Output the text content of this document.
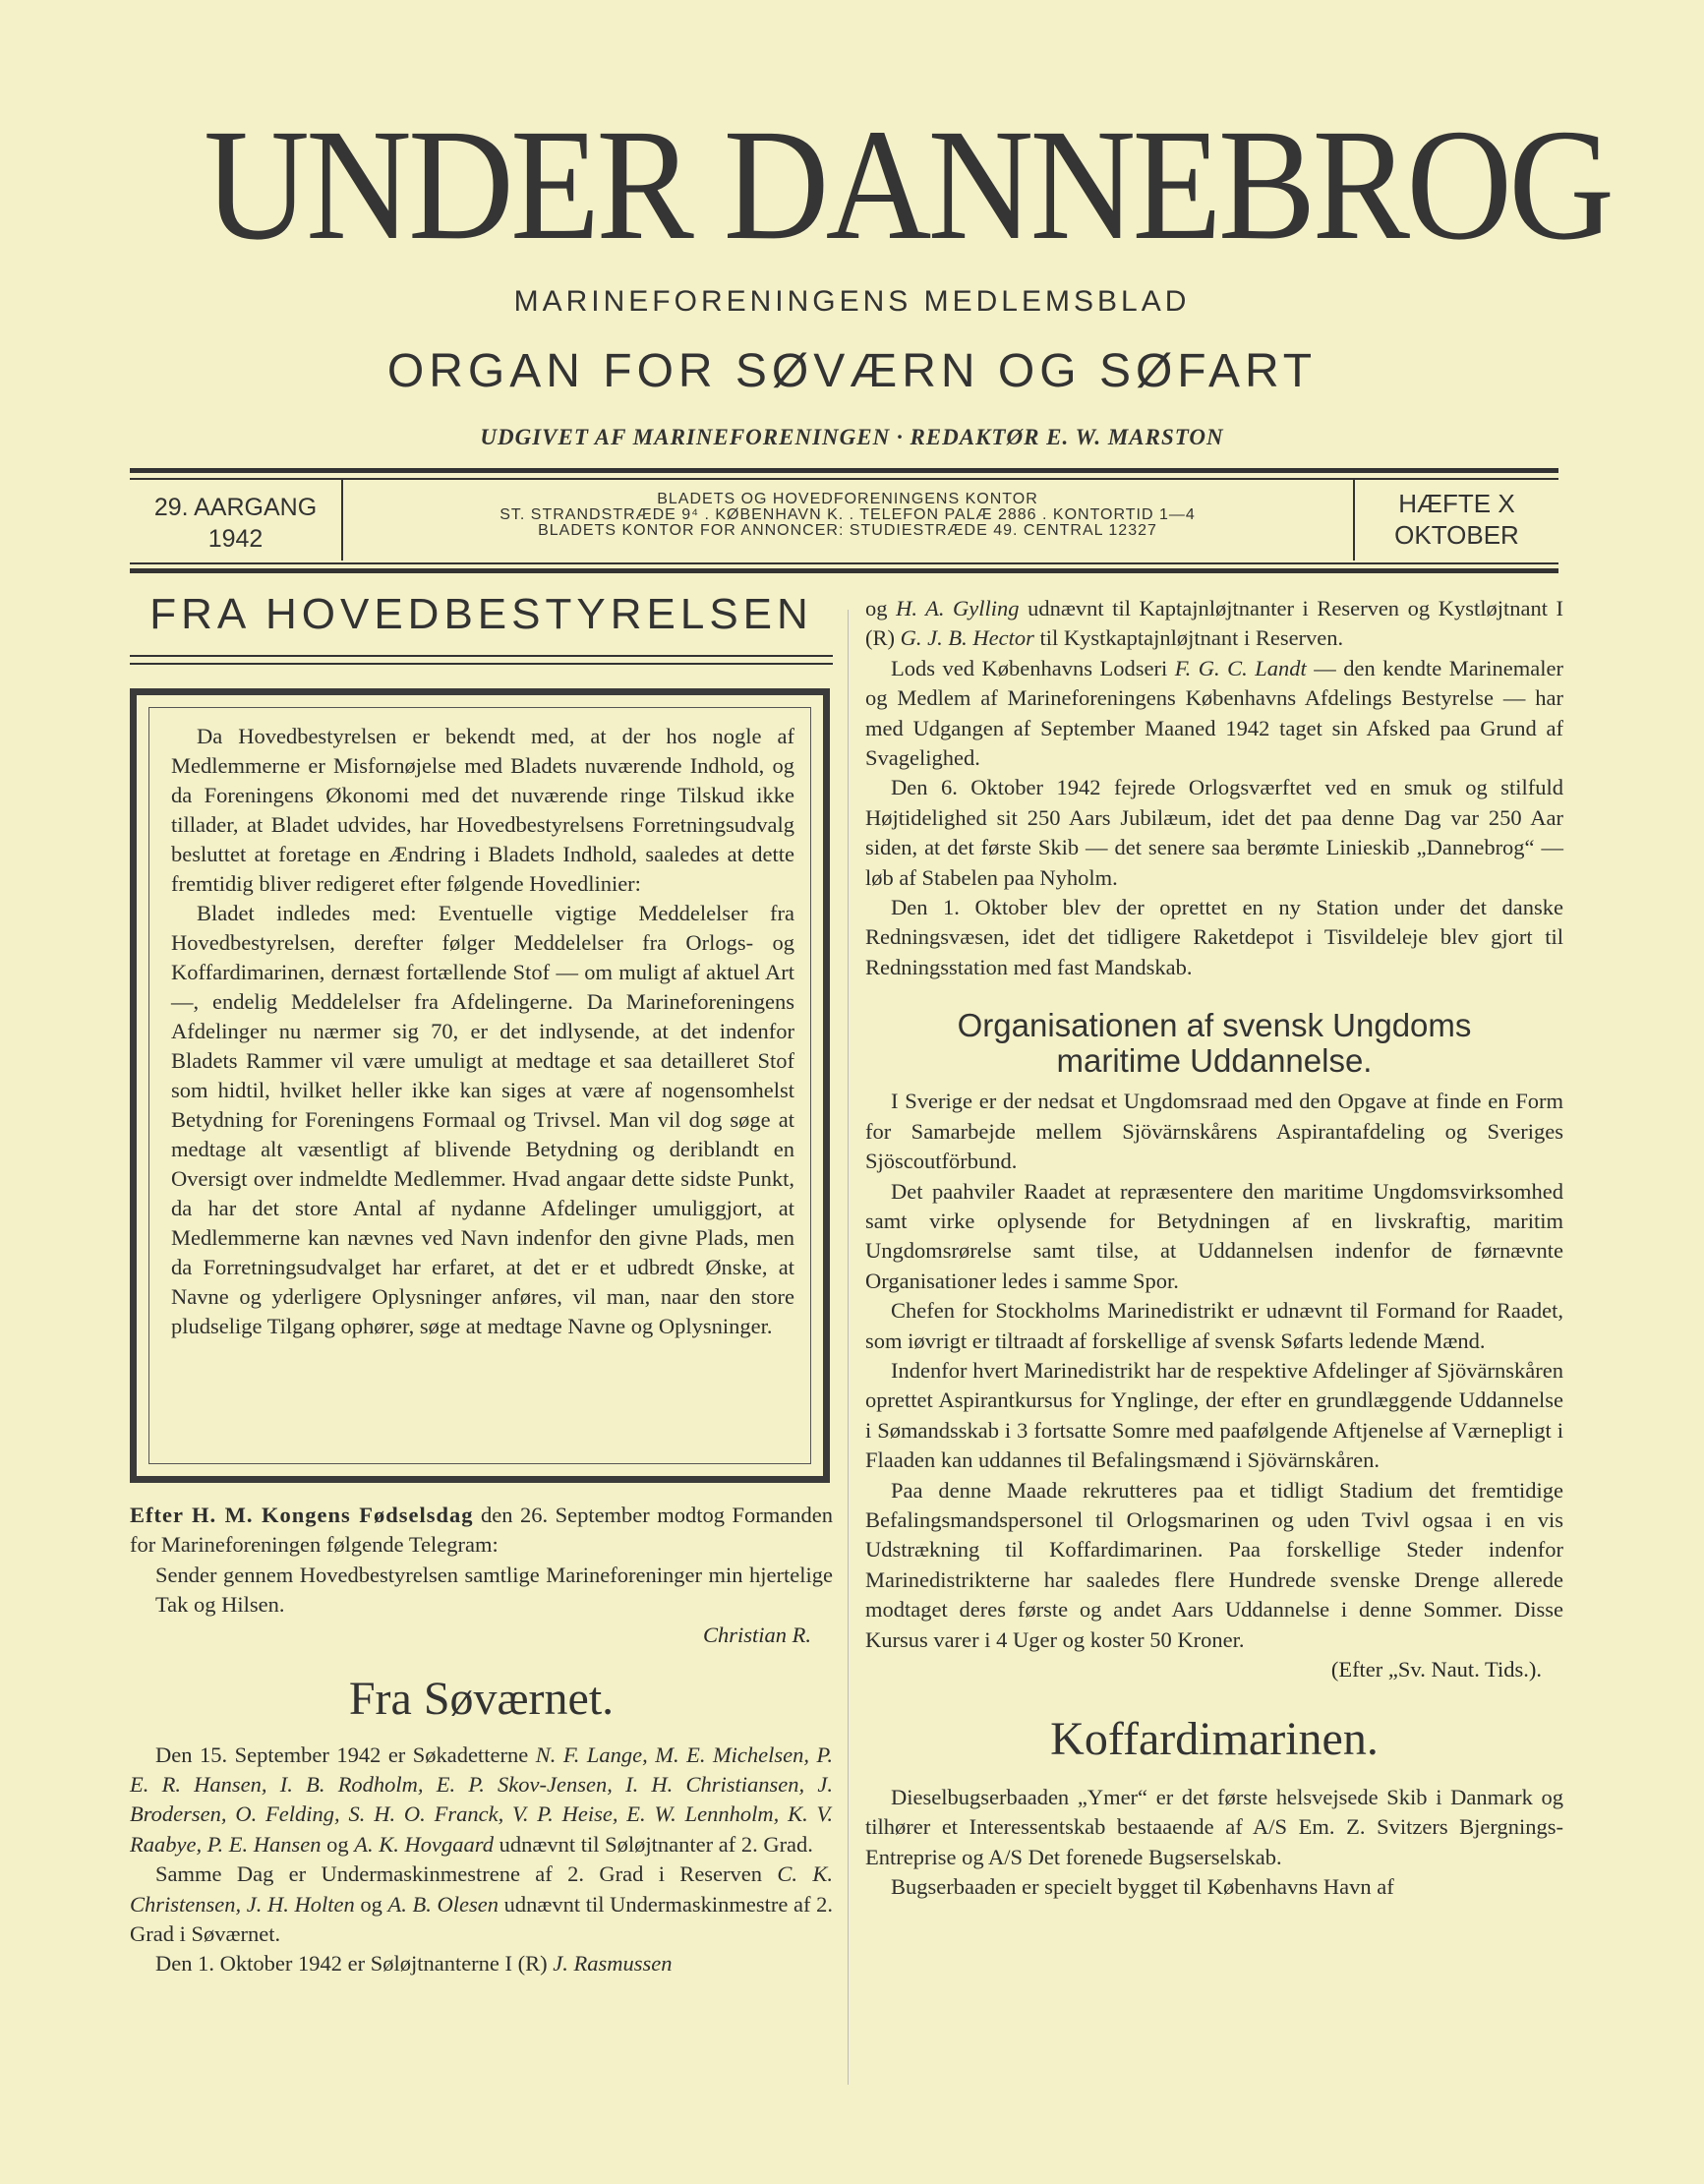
UNDER DANNEBROG
MARINEFORENINGENS MEDLEMSBLAD
ORGAN FOR SØVÆRN OG SØFART
UDGIVET AF MARINEFORENINGEN · REDAKTØR E. W. MARSTON
29. AARGANG
1942
BLADETS OG HOVEDFORENINGENS KONTOR
ST. STRANDSTRÆDE 9⁴ . KØBENHAVN K. . TELEFON PALÆ 2886 . KONTORTID 1—4
BLADETS KONTOR FOR ANNONCER: STUDIESTRÆDE 49. CENTRAL 12327
HÆFTE X
OKTOBER
FRA HOVEDBESTYRELSEN

Da Hovedbestyrelsen er bekendt med, at der hos nogle af Medlemmerne er Misfornøjelse med Bladets nuværende Indhold, og da Foreningens Økonomi med det nuværende ringe Tilskud ikke tillader, at Bladet udvides, har Hovedbestyrelsens Forretningsudvalg besluttet at foretage en Ændring i Bladets Indhold, saaledes at dette fremtidig bliver redigeret efter følgende Hovedlinier:

Bladet indledes med: Eventuelle vigtige Meddelelser fra Hovedbestyrelsen, derefter følger Meddelelser fra Orlogs- og Koffardimarinen, dernæst fortællende Stof — om muligt af aktuel Art —, endelig Meddelelser fra Afdelingerne. Da Marineforeningens Afdelinger nu nærmer sig 70, er det indlysende, at det indenfor Bladets Rammer vil være umuligt at medtage et saa detailleret Stof som hidtil, hvilket heller ikke kan siges at være af nogensomhelst Betydning for Foreningens Formaal og Trivsel. Man vil dog søge at medtage alt væsentligt af blivende Betydning og deriblandt en Oversigt over indmeldte Medlemmer. Hvad angaar dette sidste Punkt, da har det store Antal af nydanne Afdelinger umuliggjort, at Medlemmerne kan nævnes ved Navn indenfor den givne Plads, men da Forretningsudvalget har erfaret, at det er et udbredt Ønske, at Navne og yderligere Oplysninger anføres, vil man, naar den store pludselige Tilgang ophører, søge at medtage Navne og Oplysninger.

Efter H. M. Kongens Fødselsdag den 26. September modtog Formanden for Marineforeningen følgende Telegram:

Sender gennem Hovedbestyrelsen samtlige Marineforeninger min hjertelige Tak og Hilsen.

Christian R.
Fra Søværnet.

Den 15. September 1942 er Søkadetterne N. F. Lange, M. E. Michelsen, P. E. R. Hansen, I. B. Rodholm, E. P. Skov-Jensen, I. H. Christiansen, J. Brodersen, O. Felding, S. H. O. Franck, V. P. Heise, E. W. Lennholm, K. V. Raabye, P. E. Hansen og A. K. Hovgaard udnævnt til Søløjtnanter af 2. Grad.

Samme Dag er Undermaskinmestrene af 2. Grad i Reserven C. K. Christensen, J. H. Holten og A. B. Olesen udnævnt til Undermaskinmestre af 2. Grad i Søværnet.

Den 1. Oktober 1942 er Søløjtnanterne I (R) J. Rasmussen

og H. A. Gylling udnævnt til Kaptajnløjtnanter i Reserven og Kystløjtnant I (R) G. J. B. Hector til Kystkaptajnløjtnant i Reserven.

Lods ved Københavns Lodseri F. G. C. Landt — den kendte Marinemaler og Medlem af Marineforeningens Københavns Afdelings Bestyrelse — har med Udgangen af September Maaned 1942 taget sin Afsked paa Grund af Svagelighed.

Den 6. Oktober 1942 fejrede Orlogsværftet ved en smuk og stilfuld Højtidelighed sit 250 Aars Jubilæum, idet det paa denne Dag var 250 Aar siden, at det første Skib — det senere saa berømte Linieskib „Dannebrog“ — løb af Stabelen paa Nyholm.

Den 1. Oktober blev der oprettet en ny Station under det danske Redningsvæsen, idet det tidligere Raketdepot i Tisvildeleje blev gjort til Redningsstation med fast Mandskab.

Organisationen af svensk Ungdoms
maritime Uddannelse.

I Sverige er der nedsat et Ungdomsraad med den Opgave at finde en Form for Samarbejde mellem Sjövärnskårens Aspirantafdeling og Sveriges Sjöscoutförbund.

Det paahviler Raadet at repræsentere den maritime Ungdomsvirksomhed samt virke oplysende for Betydningen af en livskraftig, maritim Ungdomsrørelse samt tilse, at Uddannelsen indenfor de førnævnte Organisationer ledes i samme Spor.

Chefen for Stockholms Marinedistrikt er udnævnt til Formand for Raadet, som iøvrigt er tiltraadt af forskellige af svensk Søfarts ledende Mænd.

Indenfor hvert Marinedistrikt har de respektive Afdelinger af Sjövärnskåren oprettet Aspirantkursus for Ynglinge, der efter en grundlæggende Uddannelse i Sømandsskab i 3 fortsatte Somre med paafølgende Aftjenelse af Værnepligt i Flaaden kan uddannes til Befalingsmænd i Sjövärnskåren.

Paa denne Maade rekrutteres paa et tidligt Stadium det fremtidige Befalingsmandspersonel til Orlogsmarinen og uden Tvivl ogsaa i en vis Udstrækning til Koffardimarinen. Paa forskellige Steder indenfor Marinedistrikterne har saaledes flere Hundrede svenske Drenge allerede modtaget deres første og andet Aars Uddannelse i denne Sommer. Disse Kursus varer i 4 Uger og koster 50 Kroner.

(Efter „Sv. Naut. Tids.).
Koffardimarinen.

Dieselbugserbaaden „Ymer“ er det første helsvejsede Skib i Danmark og tilhører et Interessentskab bestaaende af A/S Em. Z. Svitzers Bjergnings-Entreprise og A/S Det forenede Bugserselskab.

Bugserbaaden er specielt bygget til Københavns Havn af
